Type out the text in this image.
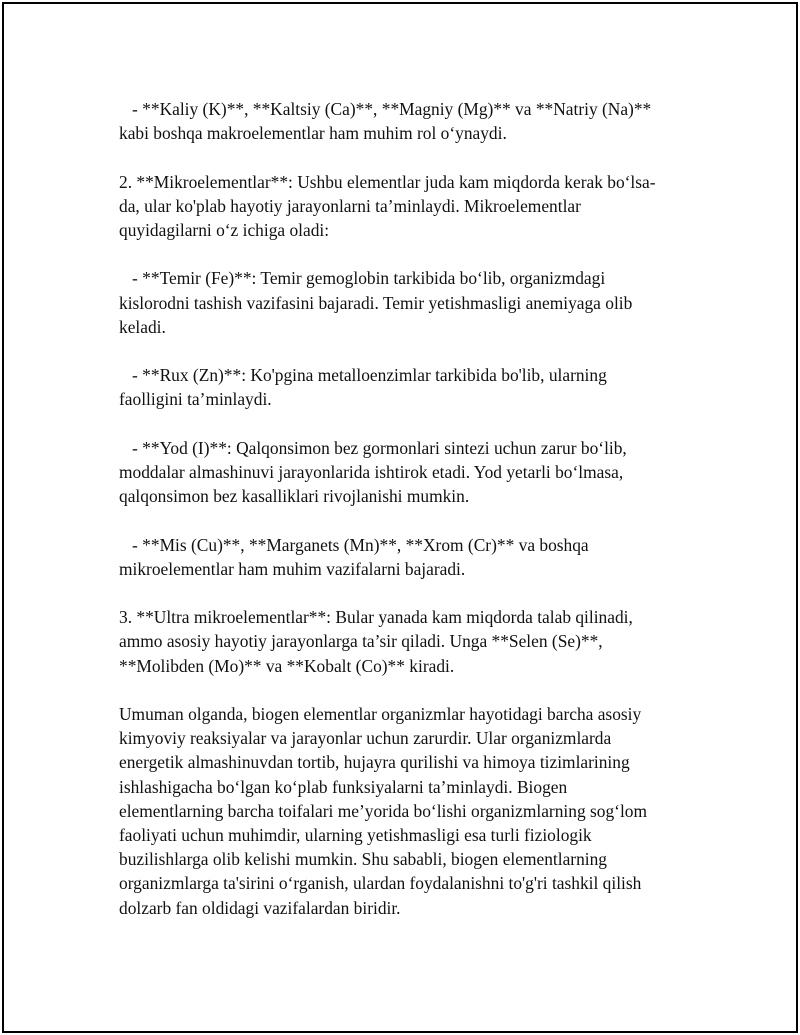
- **Kaliy (K)**, **Kaltsiy (Ca)**, **Magniy (Mg)** va **Natriy (Na)**
kabi boshqa makroelementlar ham muhim rol o‘ynaydi.
2. **Mikroelementlar**: Ushbu elementlar juda kam miqdorda kerak bo‘lsa-
da, ular ko'plab hayotiy jarayonlarni ta’minlaydi. Mikroelementlar
quyidagilarni o‘z ichiga oladi:
- **Temir (Fe)**: Temir gemoglobin tarkibida bo‘lib, organizmdagi
kislorodni tashish vazifasini bajaradi. Temir yetishmasligi anemiyaga olib
keladi.
- **Rux (Zn)**: Ko'pgina metalloenzimlar tarkibida bo'lib, ularning
faolligini ta’minlaydi.
- **Yod (I)**: Qalqonsimon bez gormonlari sintezi uchun zarur bo‘lib,
moddalar almashinuvi jarayonlarida ishtirok etadi. Yod yetarli bo‘lmasa,
qalqonsimon bez kasalliklari rivojlanishi mumkin.
- **Mis (Cu)**, **Marganets (Mn)**, **Xrom (Cr)** va boshqa
mikroelementlar ham muhim vazifalarni bajaradi.
3. **Ultra mikroelementlar**: Bular yanada kam miqdorda talab qilinadi,
ammo asosiy hayotiy jarayonlarga ta’sir qiladi. Unga **Selen (Se)**,
**Molibden (Mo)** va **Kobalt (Co)** kiradi.
Umuman olganda, biogen elementlar organizmlar hayotidagi barcha asosiy
kimyoviy reaksiyalar va jarayonlar uchun zarurdir. Ular organizmlarda
energetik almashinuvdan tortib, hujayra qurilishi va himoya tizimlarining
ishlashigacha bo‘lgan ko‘plab funksiyalarni ta’minlaydi. Biogen
elementlarning barcha toifalari me’yorida bo‘lishi organizmlarning sog‘lom
faoliyati uchun muhimdir, ularning yetishmasligi esa turli fiziologik
buzilishlarga olib kelishi mumkin. Shu sababli, biogen elementlarning
organizmlarga ta'sirini o‘rganish, ulardan foydalanishni to'g'ri tashkil qilish
dolzarb fan oldidagi vazifalardan biridir.
